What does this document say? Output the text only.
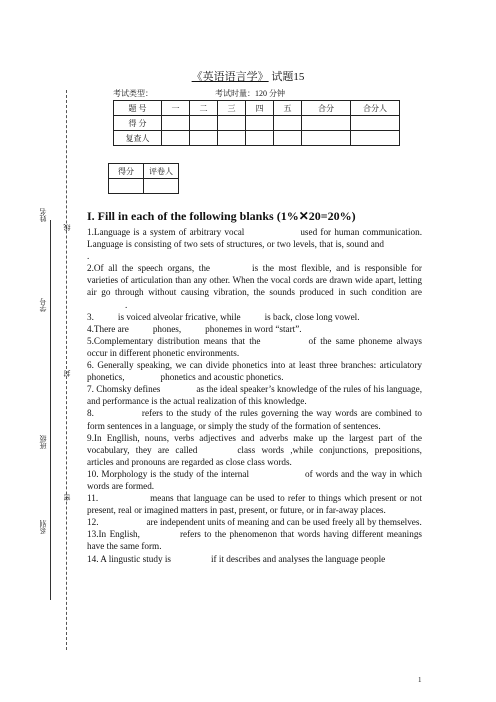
姓名
学号
班级
系别
线
封
密
《英语语言学》 试题15
考试类型：	考试时量：120 分钟
题 号	一	二	三	四	五	合分	合分人
得 分							
复查人							
得分	评卷人

I. Fill in each of the following blanks (1%✕20=20%)

1.Language is a system of arbitrary vocal	used for human communication. Language is consisting of two sets of structures, or two levels, that is, sound and.

2.Of all the speech organs, the	is the most flexible, and is responsible for varieties of articulation than any other. When the vocal cords are drawn wide apart, letting air go through without causing vibration, the sounds produced in such condition are.

3.	is voiced alveolar fricative, while	is back, close long vowel.

4.There are	phones,	phonemes in word “start”.

5.Complementary distribution means that the	of the same phoneme always occur in different phonetic environments.

6. Generally speaking, we can divide phonetics into at least three branches: articulatory phonetics,	phonetics and acoustic phonetics.

7. Chomsky defines	as the ideal speaker’s knowledge of the rules of his language, and performance is the actual realization of this knowledge.

8.	refers to the study of the rules governing the way words are combined to form sentences in a language, or simply the study of the formation of sentences.

9.In Engllish, nouns, verbs adjectives and adverbs make up the largest part of the vocabulary, they are called	class words ,while conjunctions, prepositions, articles and pronouns are regarded as close class words.

10. Morphology is the study of the internal	of words and the way in which words are formed.

11.	means that language can be used to refer to things which present or not present, real or imagined matters in past, present, or future, or in far-away places.

12.	are independent units of meaning and can be used freely all by themselves.

13.In English,	refers to the phenomenon that words having different meanings have the same form.

14. A lingustic study is	if it describes and analyses the language people

1
